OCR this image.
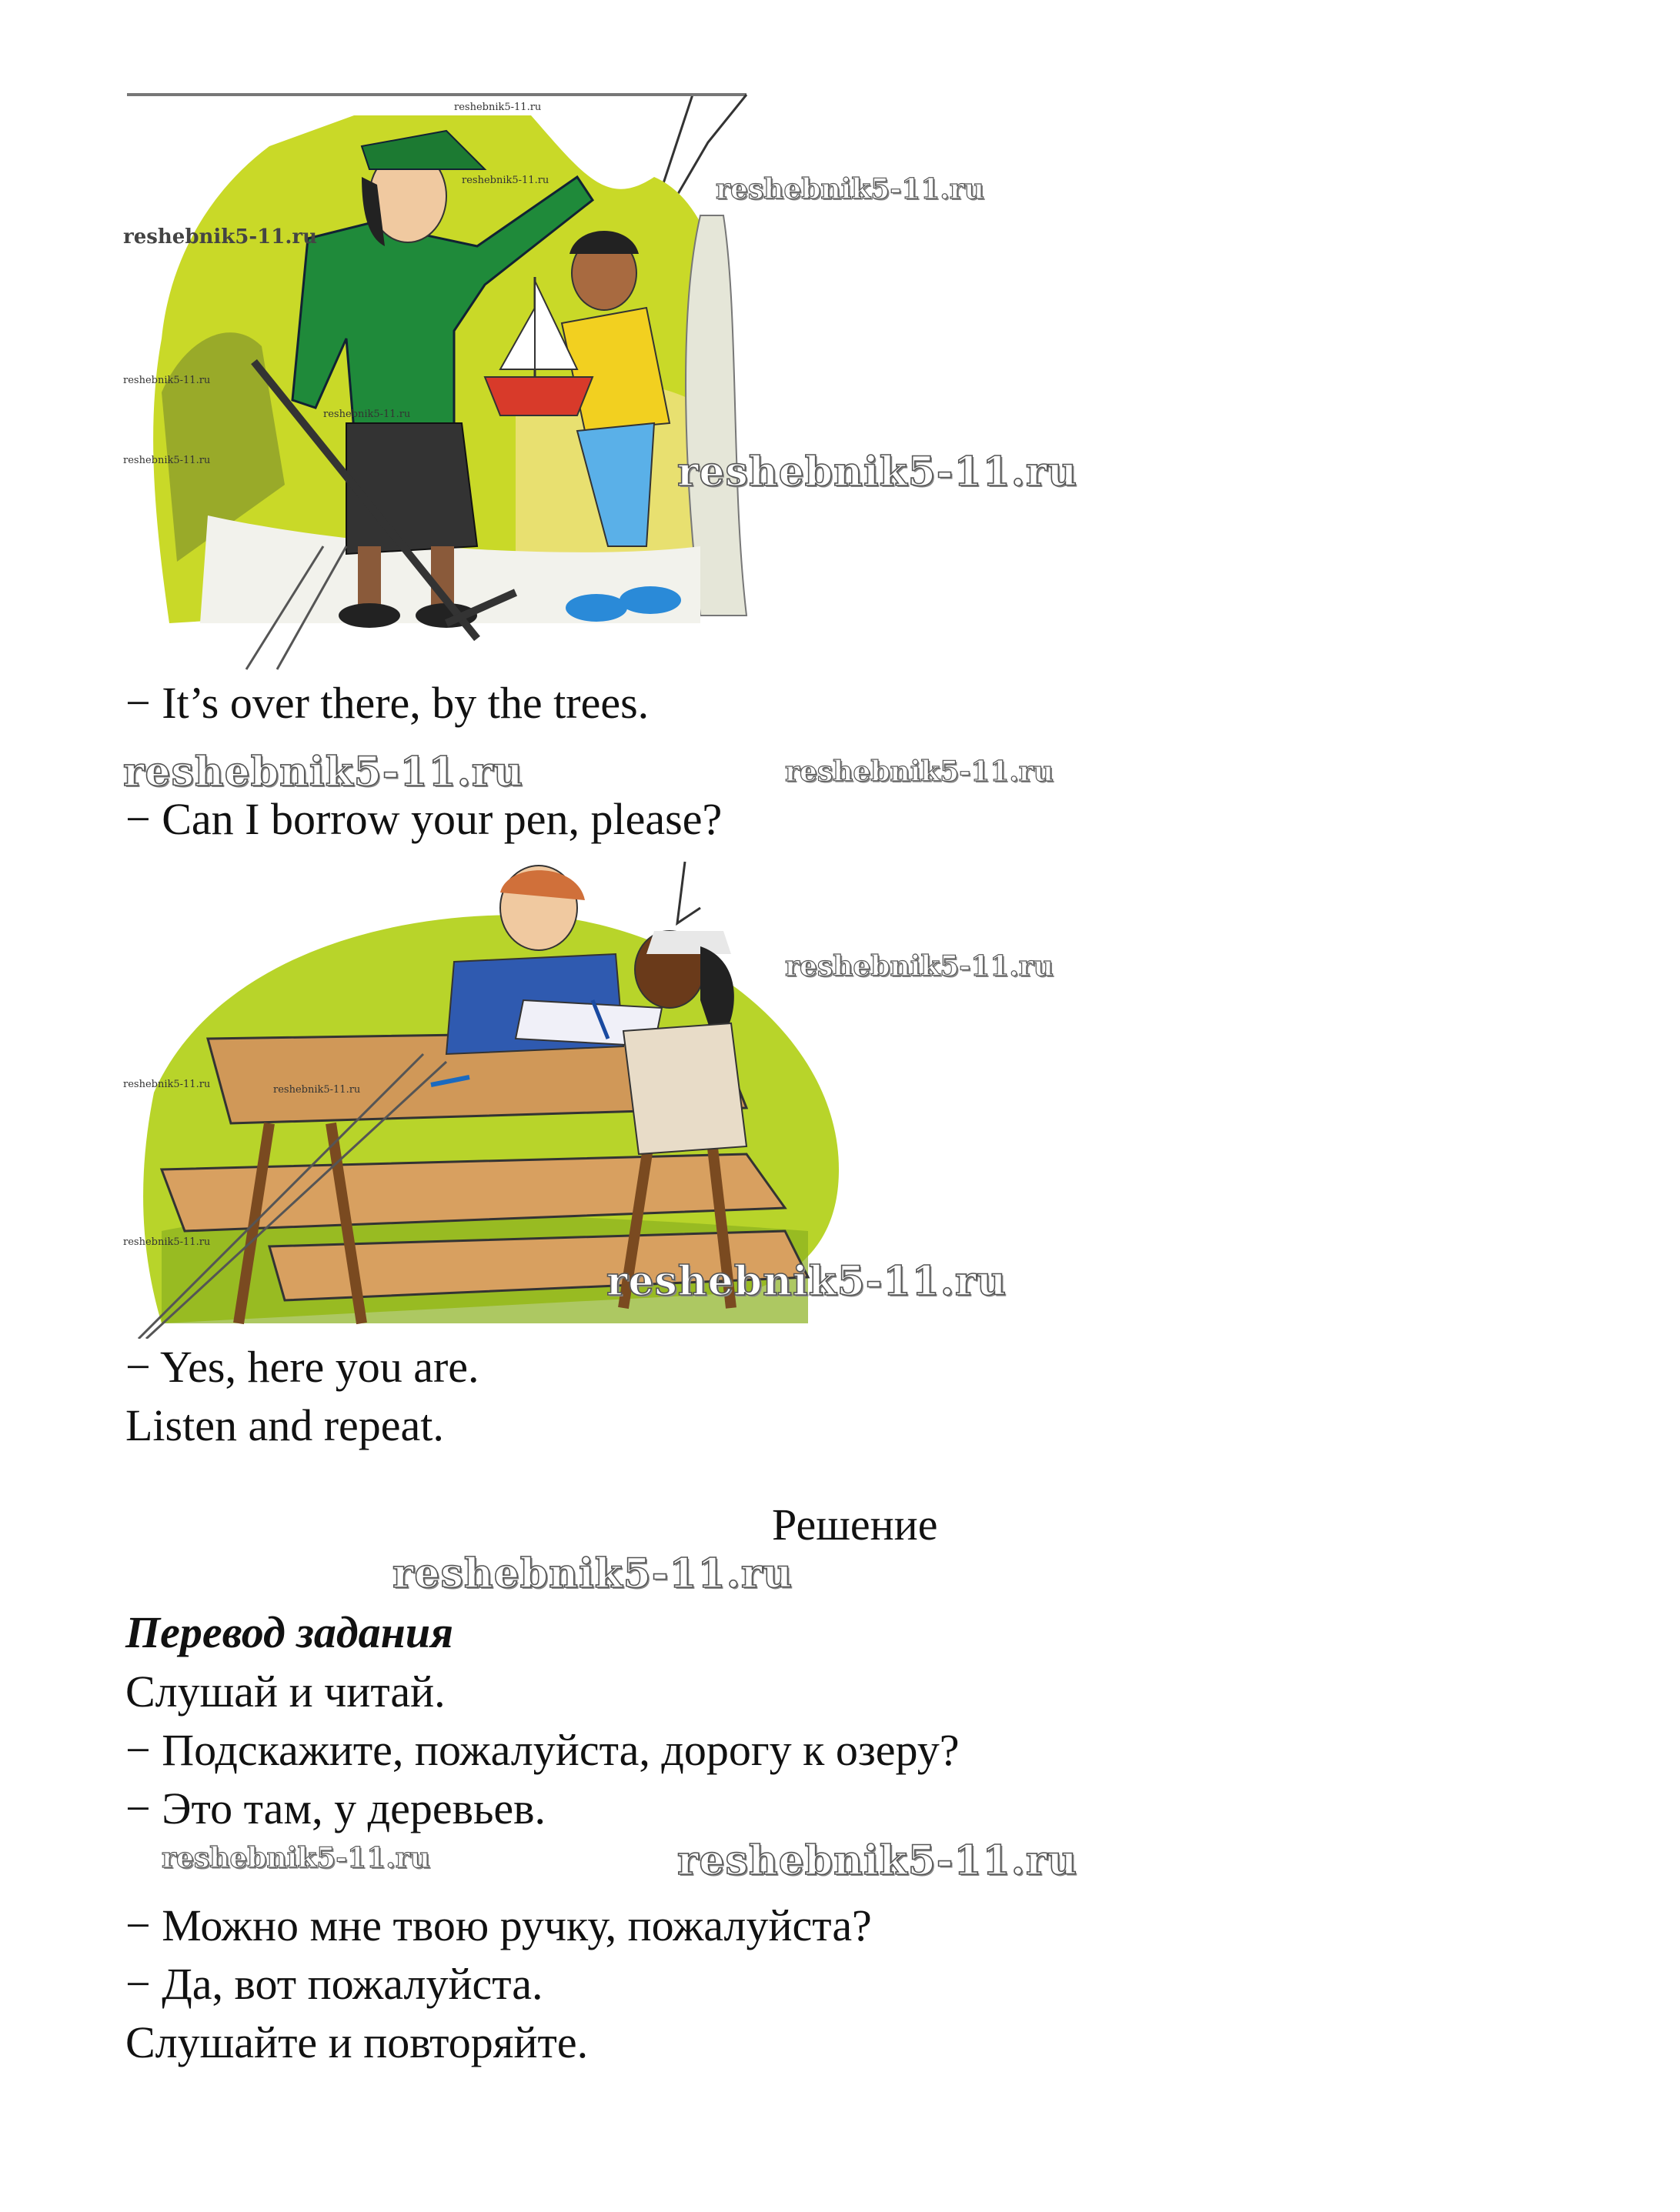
− It’s over there, by the trees.

− Can I borrow your pen, please?

− Yes, here you are.

Listen and repeat.

Решение
Перевод задания

Слушай и читай.

− Подскажите, пожалуйста, дорогу к озеру?

− Это там, у деревьев.

− Можно мне твою ручку, пожалуйста?

− Да, вот пожалуйста.

Слушайте и повторяйте.

reshebnik5-11.ru
reshebnik5-11.ru
reshebnik5-11.ru
reshebnik5-11.ru
reshebnik5-11.ru
reshebnik5-11.ru
reshebnik5-11.ru
reshebnik5-11.ru
reshebnik5-11.ru	reshebnik5-11.ru
reshebnik5-11.ru
reshebnik5-11.ru	reshebnik5-11.ru
reshebnik5-11.ru
reshebnik5-11.ru
reshebnik5-11.ru
reshebnik5-11.ru	reshebnik5-11.ru
